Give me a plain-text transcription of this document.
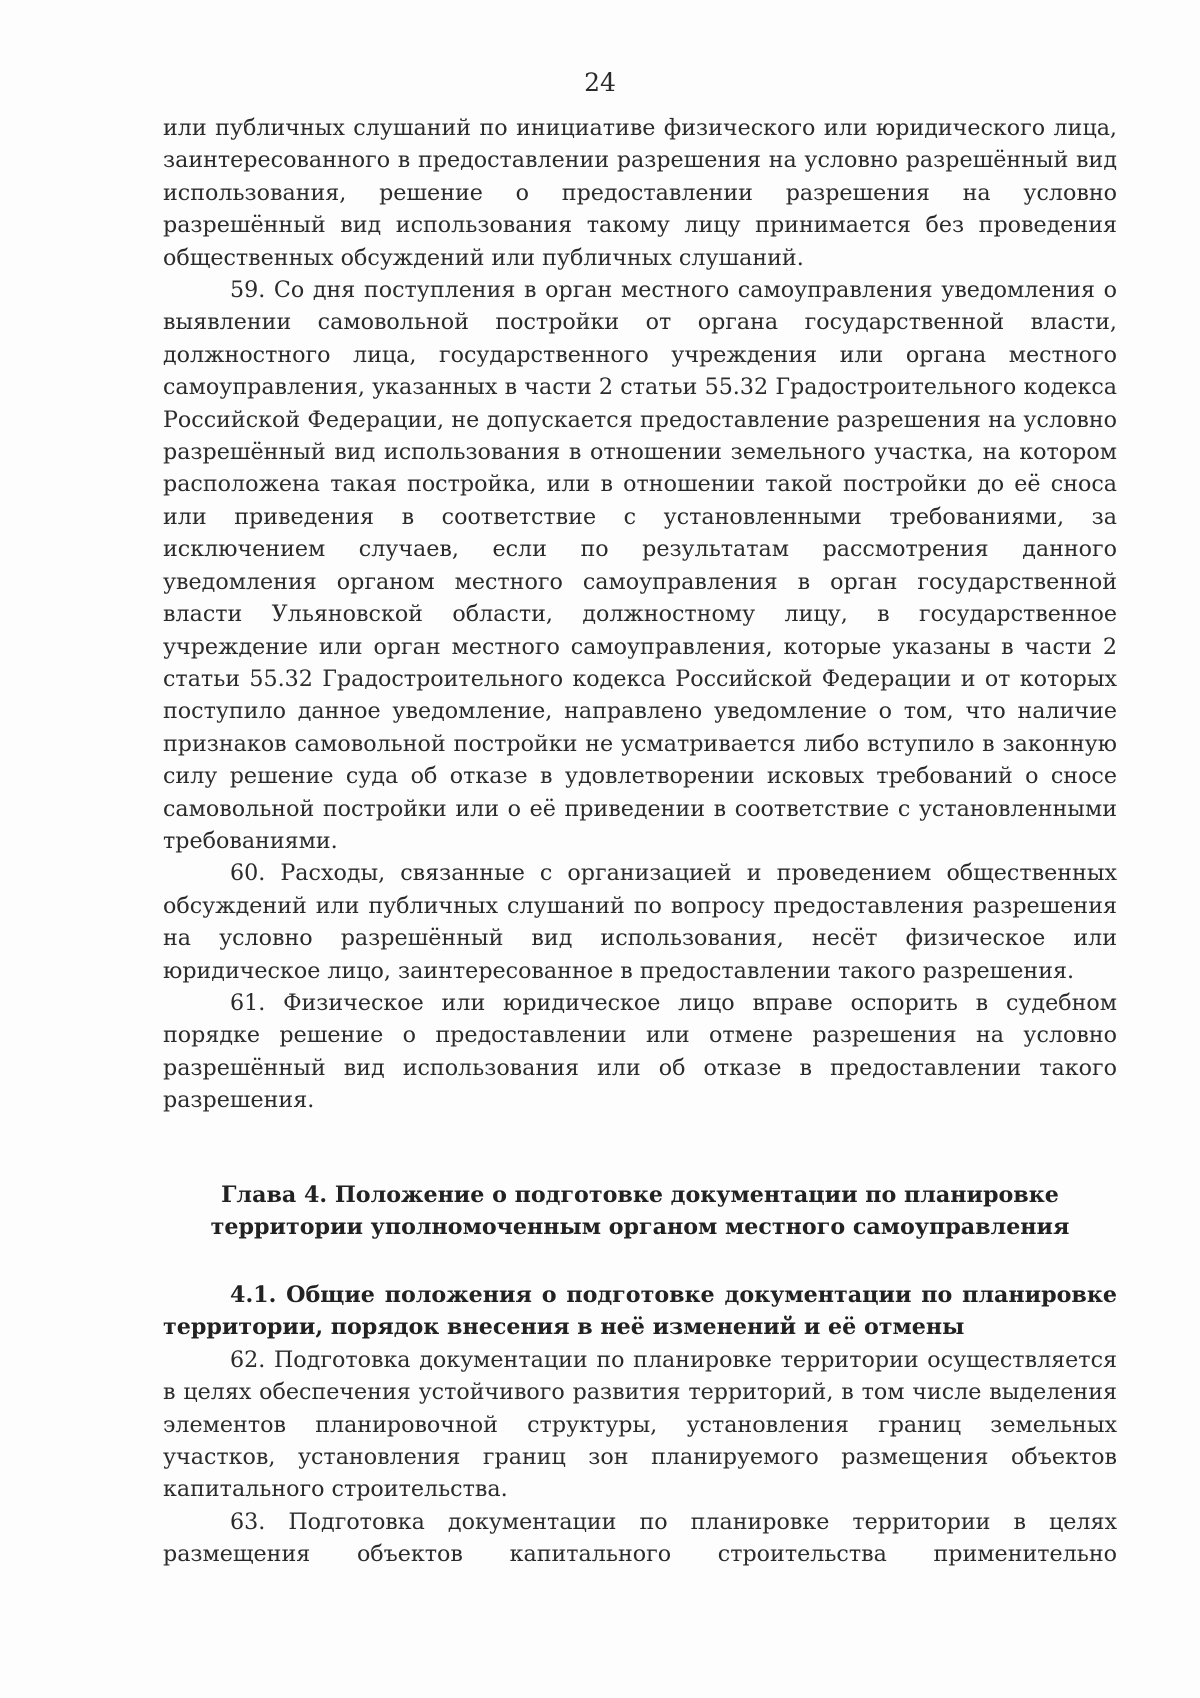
24

или публичных слушаний по инициативе физического или юридического лица, заинтересованного в предоставлении разрешения на условно разрешённый вид использования, решение о предоставлении разрешения на условно разрешённый вид использования такому лицу принимается без проведения общественных обсуждений или публичных слушаний.

59. Со дня поступления в орган местного самоуправления уведомления о выявлении самовольной постройки от органа государственной власти, должностного лица, государственного учреждения или органа местного самоуправления, указанных в части 2 статьи 55.32 Градостроительного кодекса Российской Федерации, не допускается предоставление разрешения на условно разрешённый вид использования в отношении земельного участка, на котором расположена такая постройка, или в отношении такой постройки до её сноса или приведения в соответствие с установленными требованиями, за исключением случаев, если по результатам рассмотрения данного уведомления органом местного самоуправления в орган государственной власти Ульяновской области, должностному лицу, в государственное учреждение или орган местного самоуправления, которые указаны в части 2 статьи 55.32 Градостроительного кодекса Российской Федерации и от которых поступило данное уведомление, направлено уведомление о том, что наличие признаков самовольной постройки не усматривается либо вступило в законную силу решение суда об отказе в удовлетворении исковых требований о сносе самовольной постройки или о её приведении в соответствие с установленными требованиями.

60. Расходы, связанные с организацией и проведением общественных обсуждений или публичных слушаний по вопросу предоставления разрешения на условно разрешённый вид использования, несёт физическое или юридическое лицо, заинтересованное в предоставлении такого разрешения.

61. Физическое или юридическое лицо вправе оспорить в судебном порядке решение о предоставлении или отмене разрешения на условно разрешённый вид использования или об отказе в предоставлении такого разрешения.

Глава 4. Положение о подготовке документации по планировке
территории уполномоченным органом местного самоуправления

4.1. Общие положения о подготовке документации по планировке территории, порядок внесения в неё изменений и её отмены

62. Подготовка документации по планировке территории осуществляется в целях обеспечения устойчивого развития территорий, в том числе выделения элементов планировочной структуры, установления границ земельных участков, установления границ зон планируемого размещения объектов капитального строительства.

63. Подготовка документации по планировке территории в целях размещения объектов капитального строительства применительно
